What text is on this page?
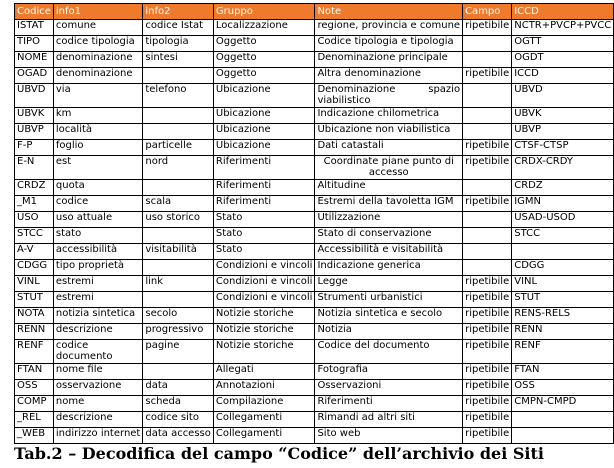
Codice	info1	info2	Gruppo	Note	Campo	ICCD
ISTAT	comune	codice Istat	Localizzazione	regione, provincia e comune	ripetibile	NCTR+PVCP+PVCC
TIPO	codice tipologia	tipologia	Oggetto	Codice tipologia e tipologia		OGTT
NOME	denominazione	sintesi	Oggetto	Denominazione principale		OGDT
OGAD	denominazione		Oggetto	Altra denominazione	ripetibile	ICCD
UBVD	via	telefono	Ubicazione	Denominazione spazio viabilistico		UBVD
UBVK	km		Ubicazione	Indicazione chilometrica		UBVK
UBVP	località		Ubicazione	Ubicazione non viabilistica		UBVP
F-P	foglio	particelle	Ubicazione	Dati catastali	ripetibile	CTSF-CTSP
E-N	est	nord	Riferimenti	Coordinate piane punto di accesso	ripetibile	CRDX-CRDY
CRDZ	quota		Riferimenti	Altitudine		CRDZ
_M1	codice	scala	Riferimenti	Estremi della tavoletta IGM	ripetibile	IGMN
USO	uso attuale	uso storico	Stato	Utilizzazione		USAD-USOD
STCC	stato		Stato	Stato di conservazione		STCC
A-V	accessibilità	visitabilità	Stato	Accessibilità e visitabilità		
CDGG	tipo proprietà		Condizioni e vincoli	Indicazione generica		CDGG
VINL	estremi	link	Condizioni e vincoli	Legge	ripetibile	VINL
STUT	estremi		Condizioni e vincoli	Strumenti urbanistici	ripetibile	STUT
NOTA	notizia sintetica	secolo	Notizie storiche	Notizia sintetica e secolo	ripetibile	RENS-RELS
RENN	descrizione	progressivo	Notizie storiche	Notizia	ripetibile	RENN
RENF	codice documento	pagine	Notizie storiche	Codice del documento	ripetibile	RENF
FTAN	nome file		Allegati	Fotografia	ripetibile	FTAN
OSS	osservazione	data	Annotazioni	Osservazioni	ripetibile	OSS
COMP	nome	scheda	Compilazione	Riferimenti	ripetibile	CMPN-CMPD
_REL	descrizione	codice sito	Collegamenti	Rimandi ad altri siti	ripetibile	
_WEB	indirizzo internet	data accesso	Collegamenti	Sito web	ripetibile	
Tab.2 – Decodifica del campo “Codice” dell’archivio dei Siti
